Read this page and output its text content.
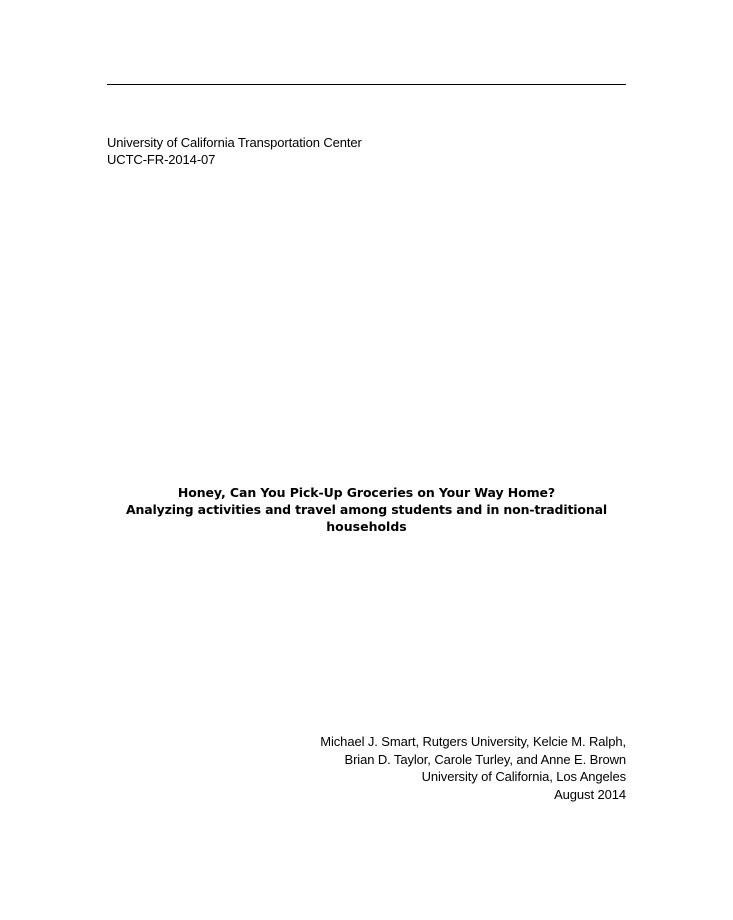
University of California Transportation Center
UCTC-FR-2014-07
Honey, Can You Pick-Up Groceries on Your Way Home?
Analyzing activities and travel among students and in non-traditional
households
Michael J. Smart, Rutgers University, Kelcie M. Ralph,
Brian D. Taylor, Carole Turley, and Anne E. Brown
University of California, Los Angeles
August 2014
